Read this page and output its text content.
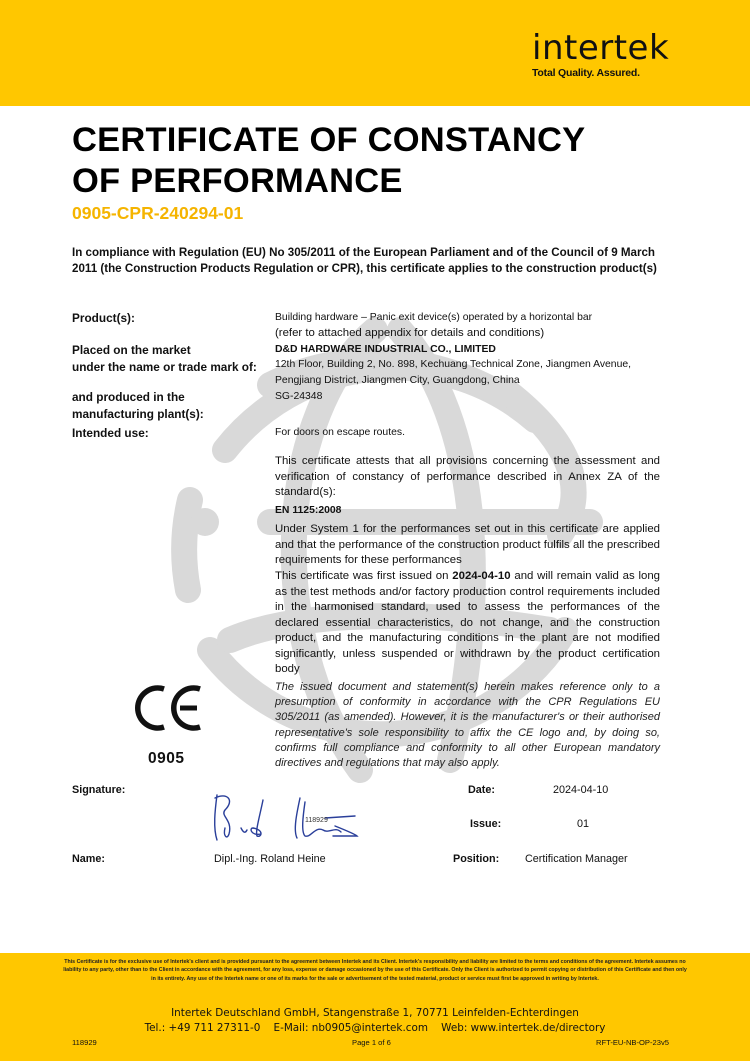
intertek
Total Quality. Assured.
CERTIFICATE OF CONSTANCY
OF PERFORMANCE
0905-CPR-240294-01
In compliance with Regulation (EU) No 305/2011 of the European Parliament and of the Council of 9 March 2011 (the Construction Products Regulation or CPR), this certificate applies to the construction product(s)
Product(s):	Building hardware – Panic exit device(s) operated by a horizontal bar
(refer to attached appendix for details and conditions)
Placed on the market
under the name or trade mark of:
D&D HARDWARE INDUSTRIAL CO., LIMITED
12th Floor, Building 2, No. 898, Kechuang Technical Zone, Jiangmen Avenue, Pengjiang District, Jiangmen City, Guangdong, China
and produced in the
manufacturing plant(s):
SG-24348
Intended use:	For doors on escape routes.
This certificate attests that all provisions concerning the assessment and verification of constancy of performance described in Annex ZA of the standard(s):
EN 1125:2008
Under System 1 for the performances set out in this certificate are applied and that the performance of the construction product fulfils all the prescribed requirements for these performances
This certificate was first issued on 2024-04-10 and will remain valid as long as the test methods and/or factory production control requirements included in the harmonised standard, used to assess the performances of the declared essential characteristics, do not change, and the construction product, and the manufacturing conditions in the plant are not modified significantly, unless suspended or withdrawn by the product certification body
The issued document and statement(s) herein makes reference only to a presumption of conformity in accordance with the CPR Regulations EU 305/2011 (as amended). However, it is the manufacturer's or their authorised representative's sole responsibility to affix the CE logo and, by doing so, confirms full compliance and conformity to all other European mandatory directives and regulations that may also apply.
0905
Signature:
118929
Date:	2024-04-10
Issue:	01
Name:	Dipl.-Ing. Roland Heine	Position: Certification Manager
This Certificate is for the exclusive use of Intertek's client and is provided pursuant to the agreement between Intertek and its Client. Intertek's responsibility and liability are limited to the terms and conditions of the agreement. Intertek assumes no liability to any party, other than to the Client in accordance with the agreement, for any loss, expense or damage occasioned by the use of this Certificate. Only the Client is authorized to permit copying or distribution of this Certificate and then only in its entirety. Any use of the Intertek name or one of its marks for the sale or advertisement of the tested material, product or service must first be approved in writing by Intertek.
Intertek Deutschland GmbH, Stangenstraße 1, 70771 Leinfelden-Echterdingen
Tel.: +49 711 27311-0    E-Mail: nb0905@intertek.com    Web: www.intertek.de/directory
118929	Page 1 of 6	RFT-EU-NB-OP-23v5
